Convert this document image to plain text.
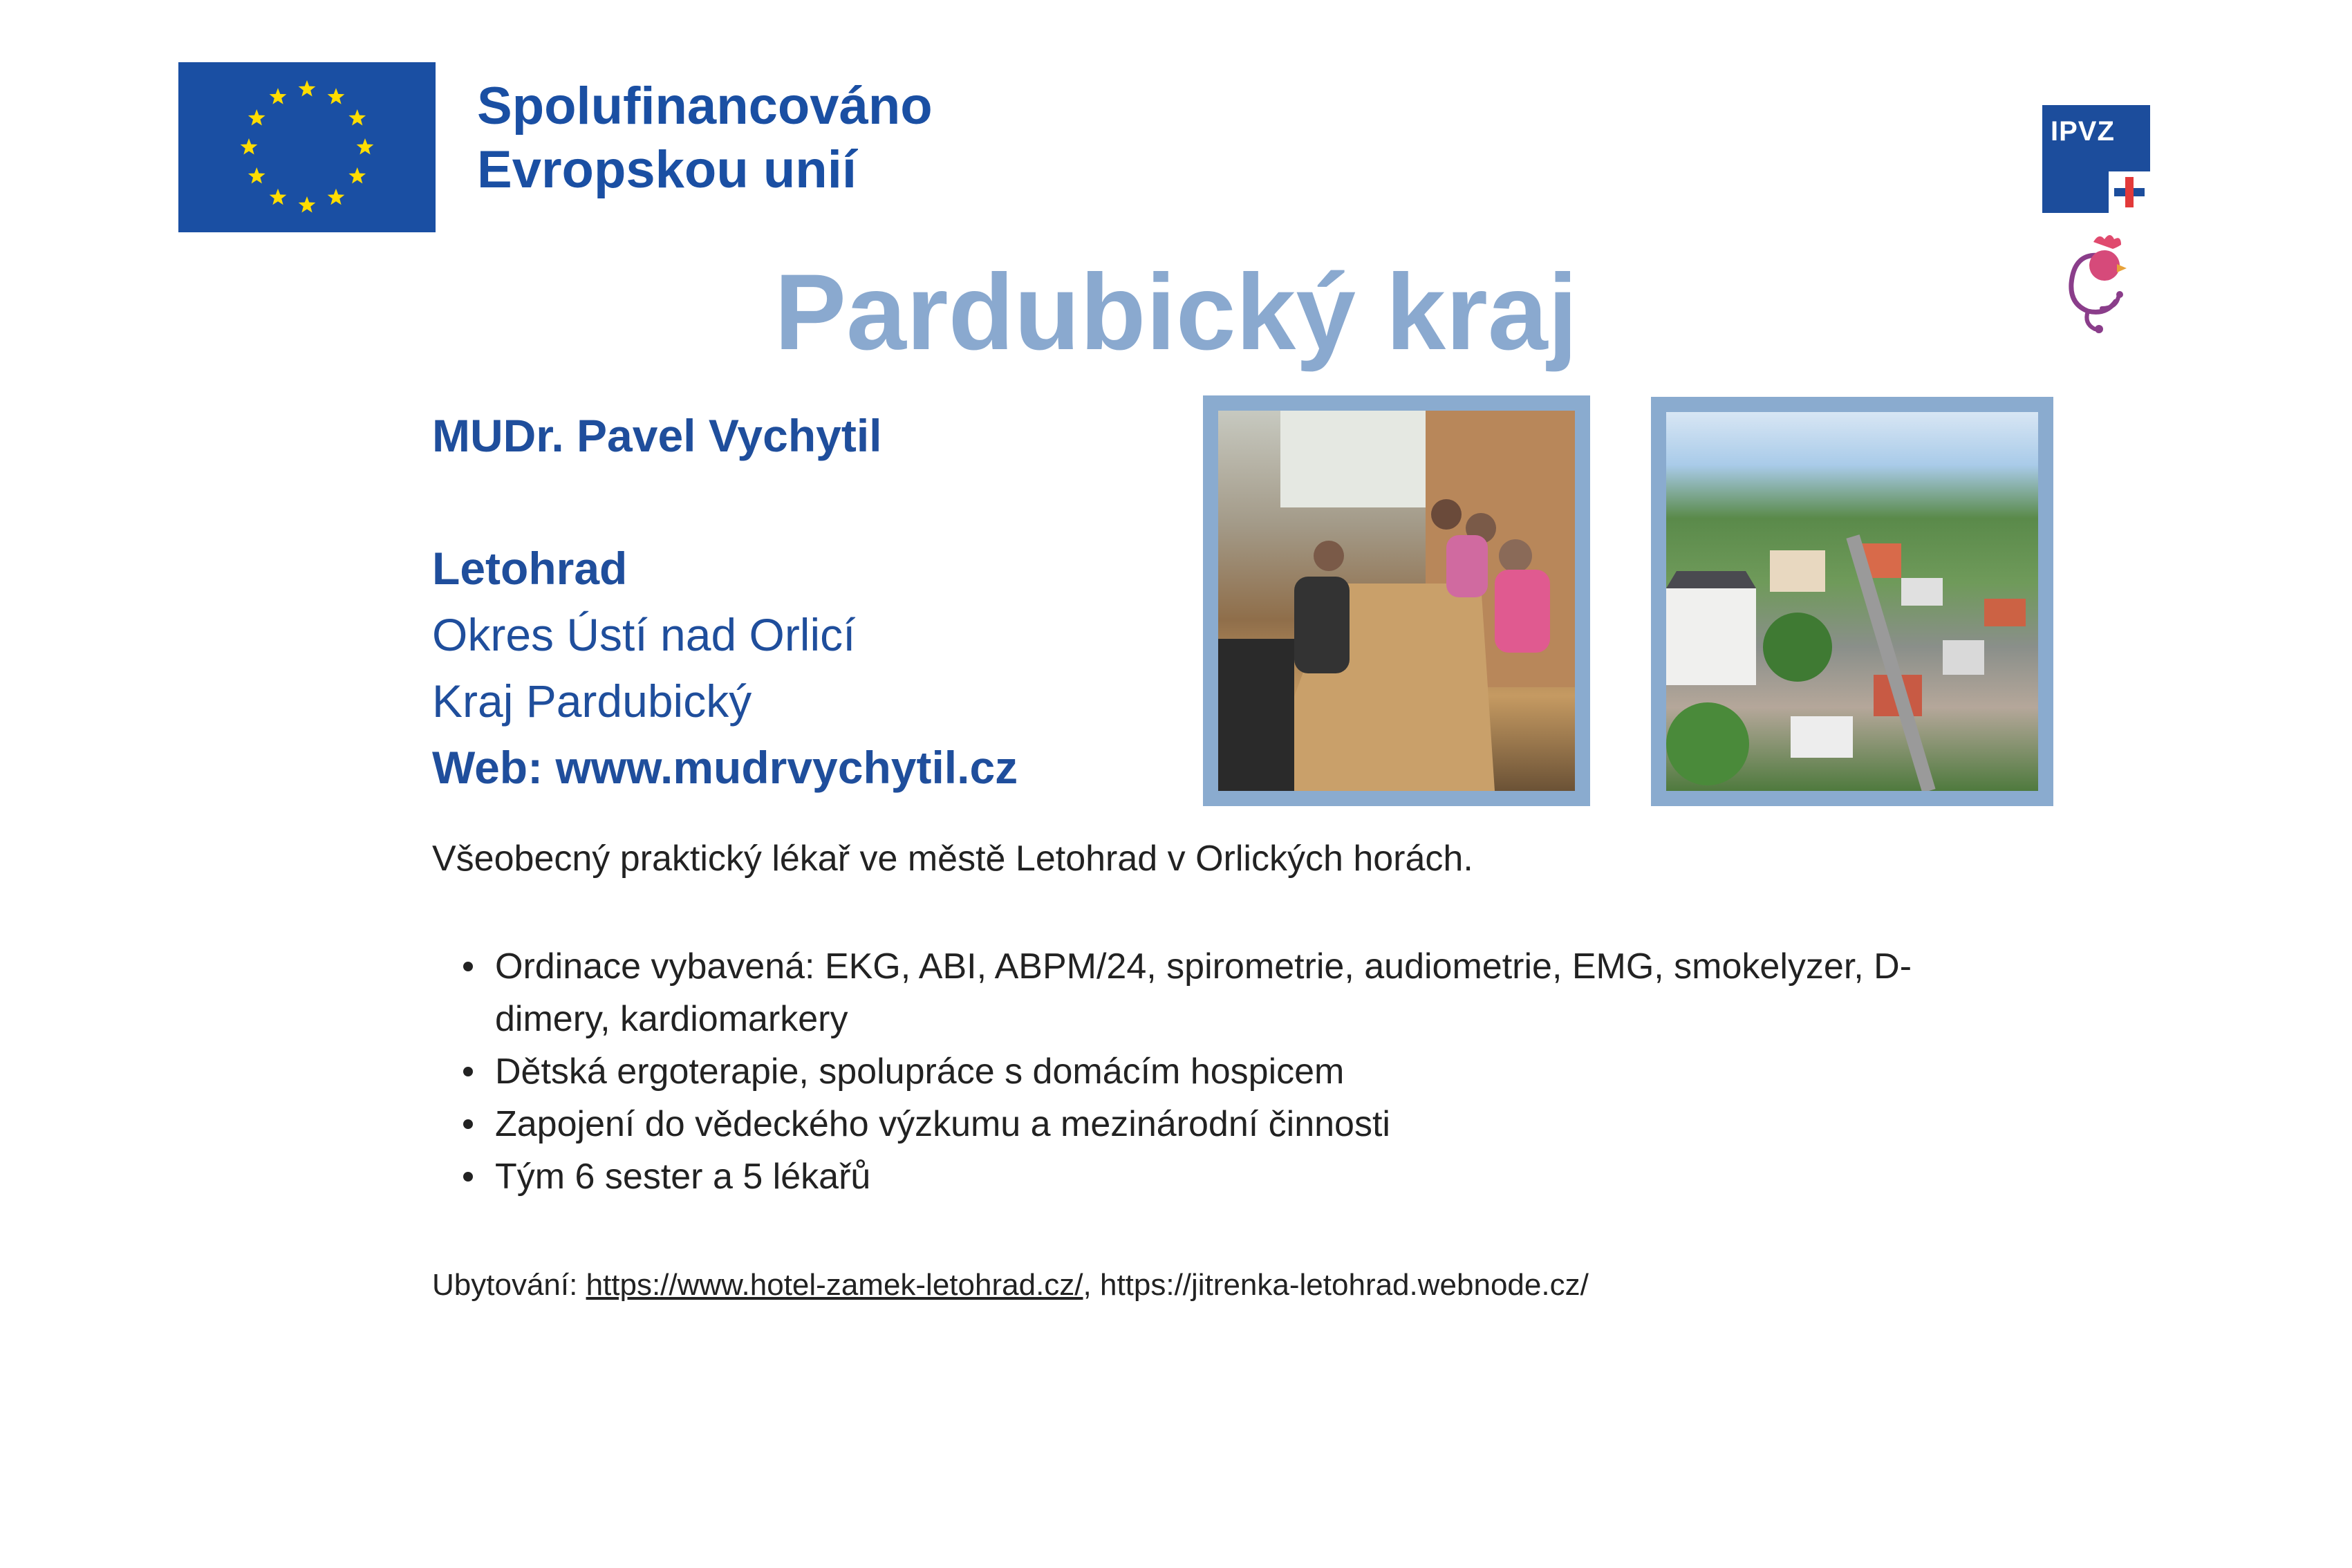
Spolufinancováno
Evropskou unií
IPVZ
Pardubický kraj
MUDr. Pavel Vychytil
Letohrad
Okres Ústí nad Orlicí
Kraj Pardubický
Web: www.mudrvychytil.cz
Všeobecný praktický lékař ve městě Letohrad v Orlických horách.
Ordinace vybavená: EKG, ABI, ABPM/24, spirometrie, audiometrie, EMG, smokelyzer, D-dimery, kardiomarkery
Dětská ergoterapie, spolupráce s domácím hospicem
Zapojení do vědeckého výzkumu a mezinárodní činnosti
Tým 6 sester a 5 lékařů
Ubytování: https://www.hotel-zamek-letohrad.cz/, https://jitrenka-letohrad.webnode.cz/
